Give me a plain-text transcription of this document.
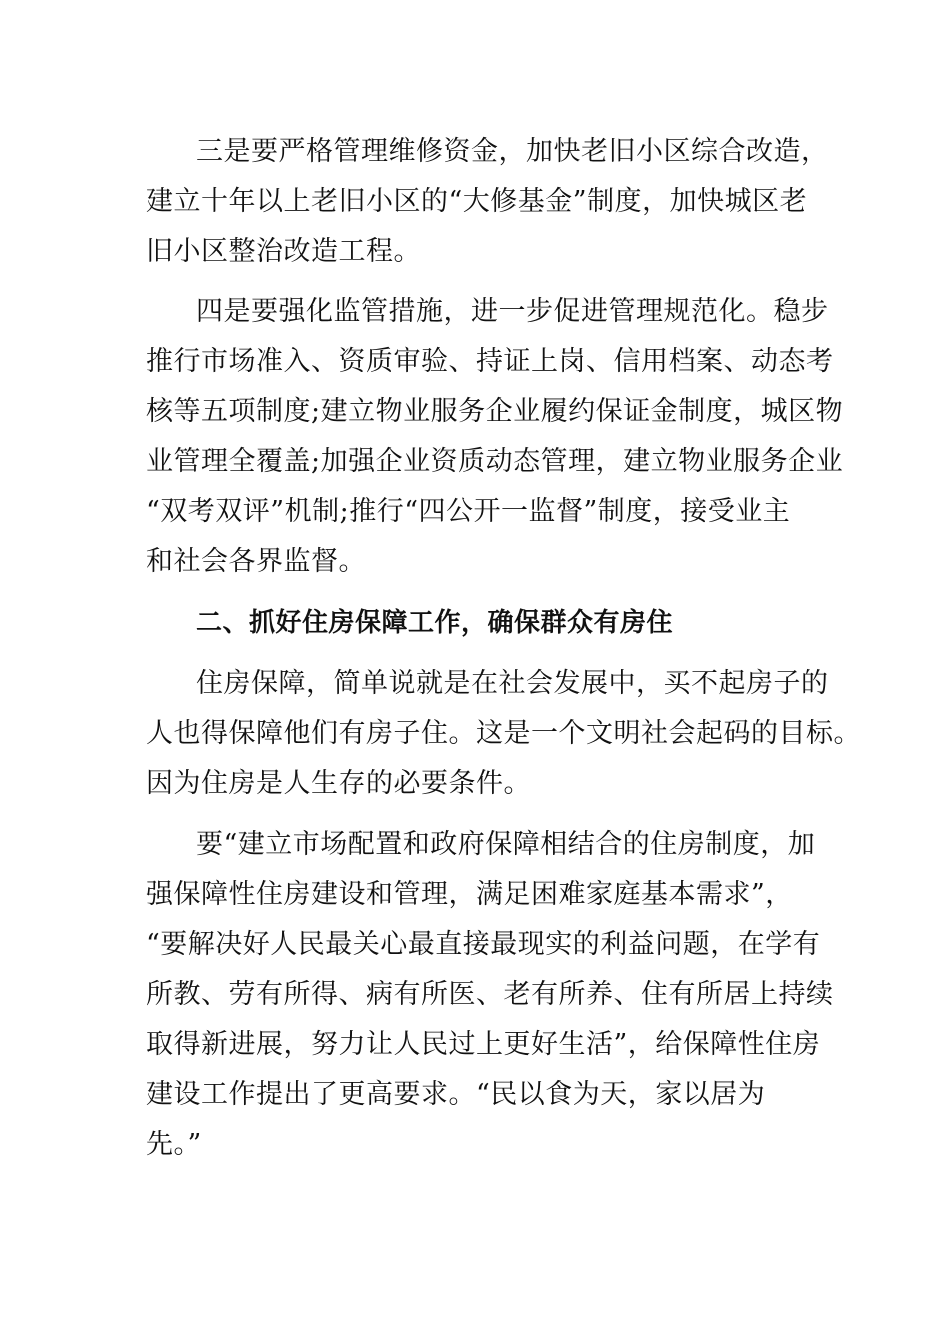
三是要严格管理维修资金，加快老旧小区综合改造，
建立十年以上老旧小区的“大修基金”制度，加快城区老
旧小区整治改造工程。
四是要强化监管措施，进一步促进管理规范化。稳步
推行市场准入、资质审验、持证上岗、信用档案、动态考
核等五项制度;建立物业服务企业履约保证金制度，城区物
业管理全覆盖;加强企业资质动态管理，建立物业服务企业
“双考双评”机制;推行“四公开一监督”制度，接受业主
和社会各界监督。
二、抓好住房保障工作，确保群众有房住
住房保障，简单说就是在社会发展中，买不起房子的
人也得保障他们有房子住。这是一个文明社会起码的目标。
因为住房是人生存的必要条件。
要“建立市场配置和政府保障相结合的住房制度，加
强保障性住房建设和管理，满足困难家庭基本需求”，
“要解决好人民最关心最直接最现实的利益问题，在学有
所教、劳有所得、病有所医、老有所养、住有所居上持续
取得新进展，努力让人民过上更好生活”，给保障性住房
建设工作提出了更高要求。“民以食为天，家以居为
先。”
